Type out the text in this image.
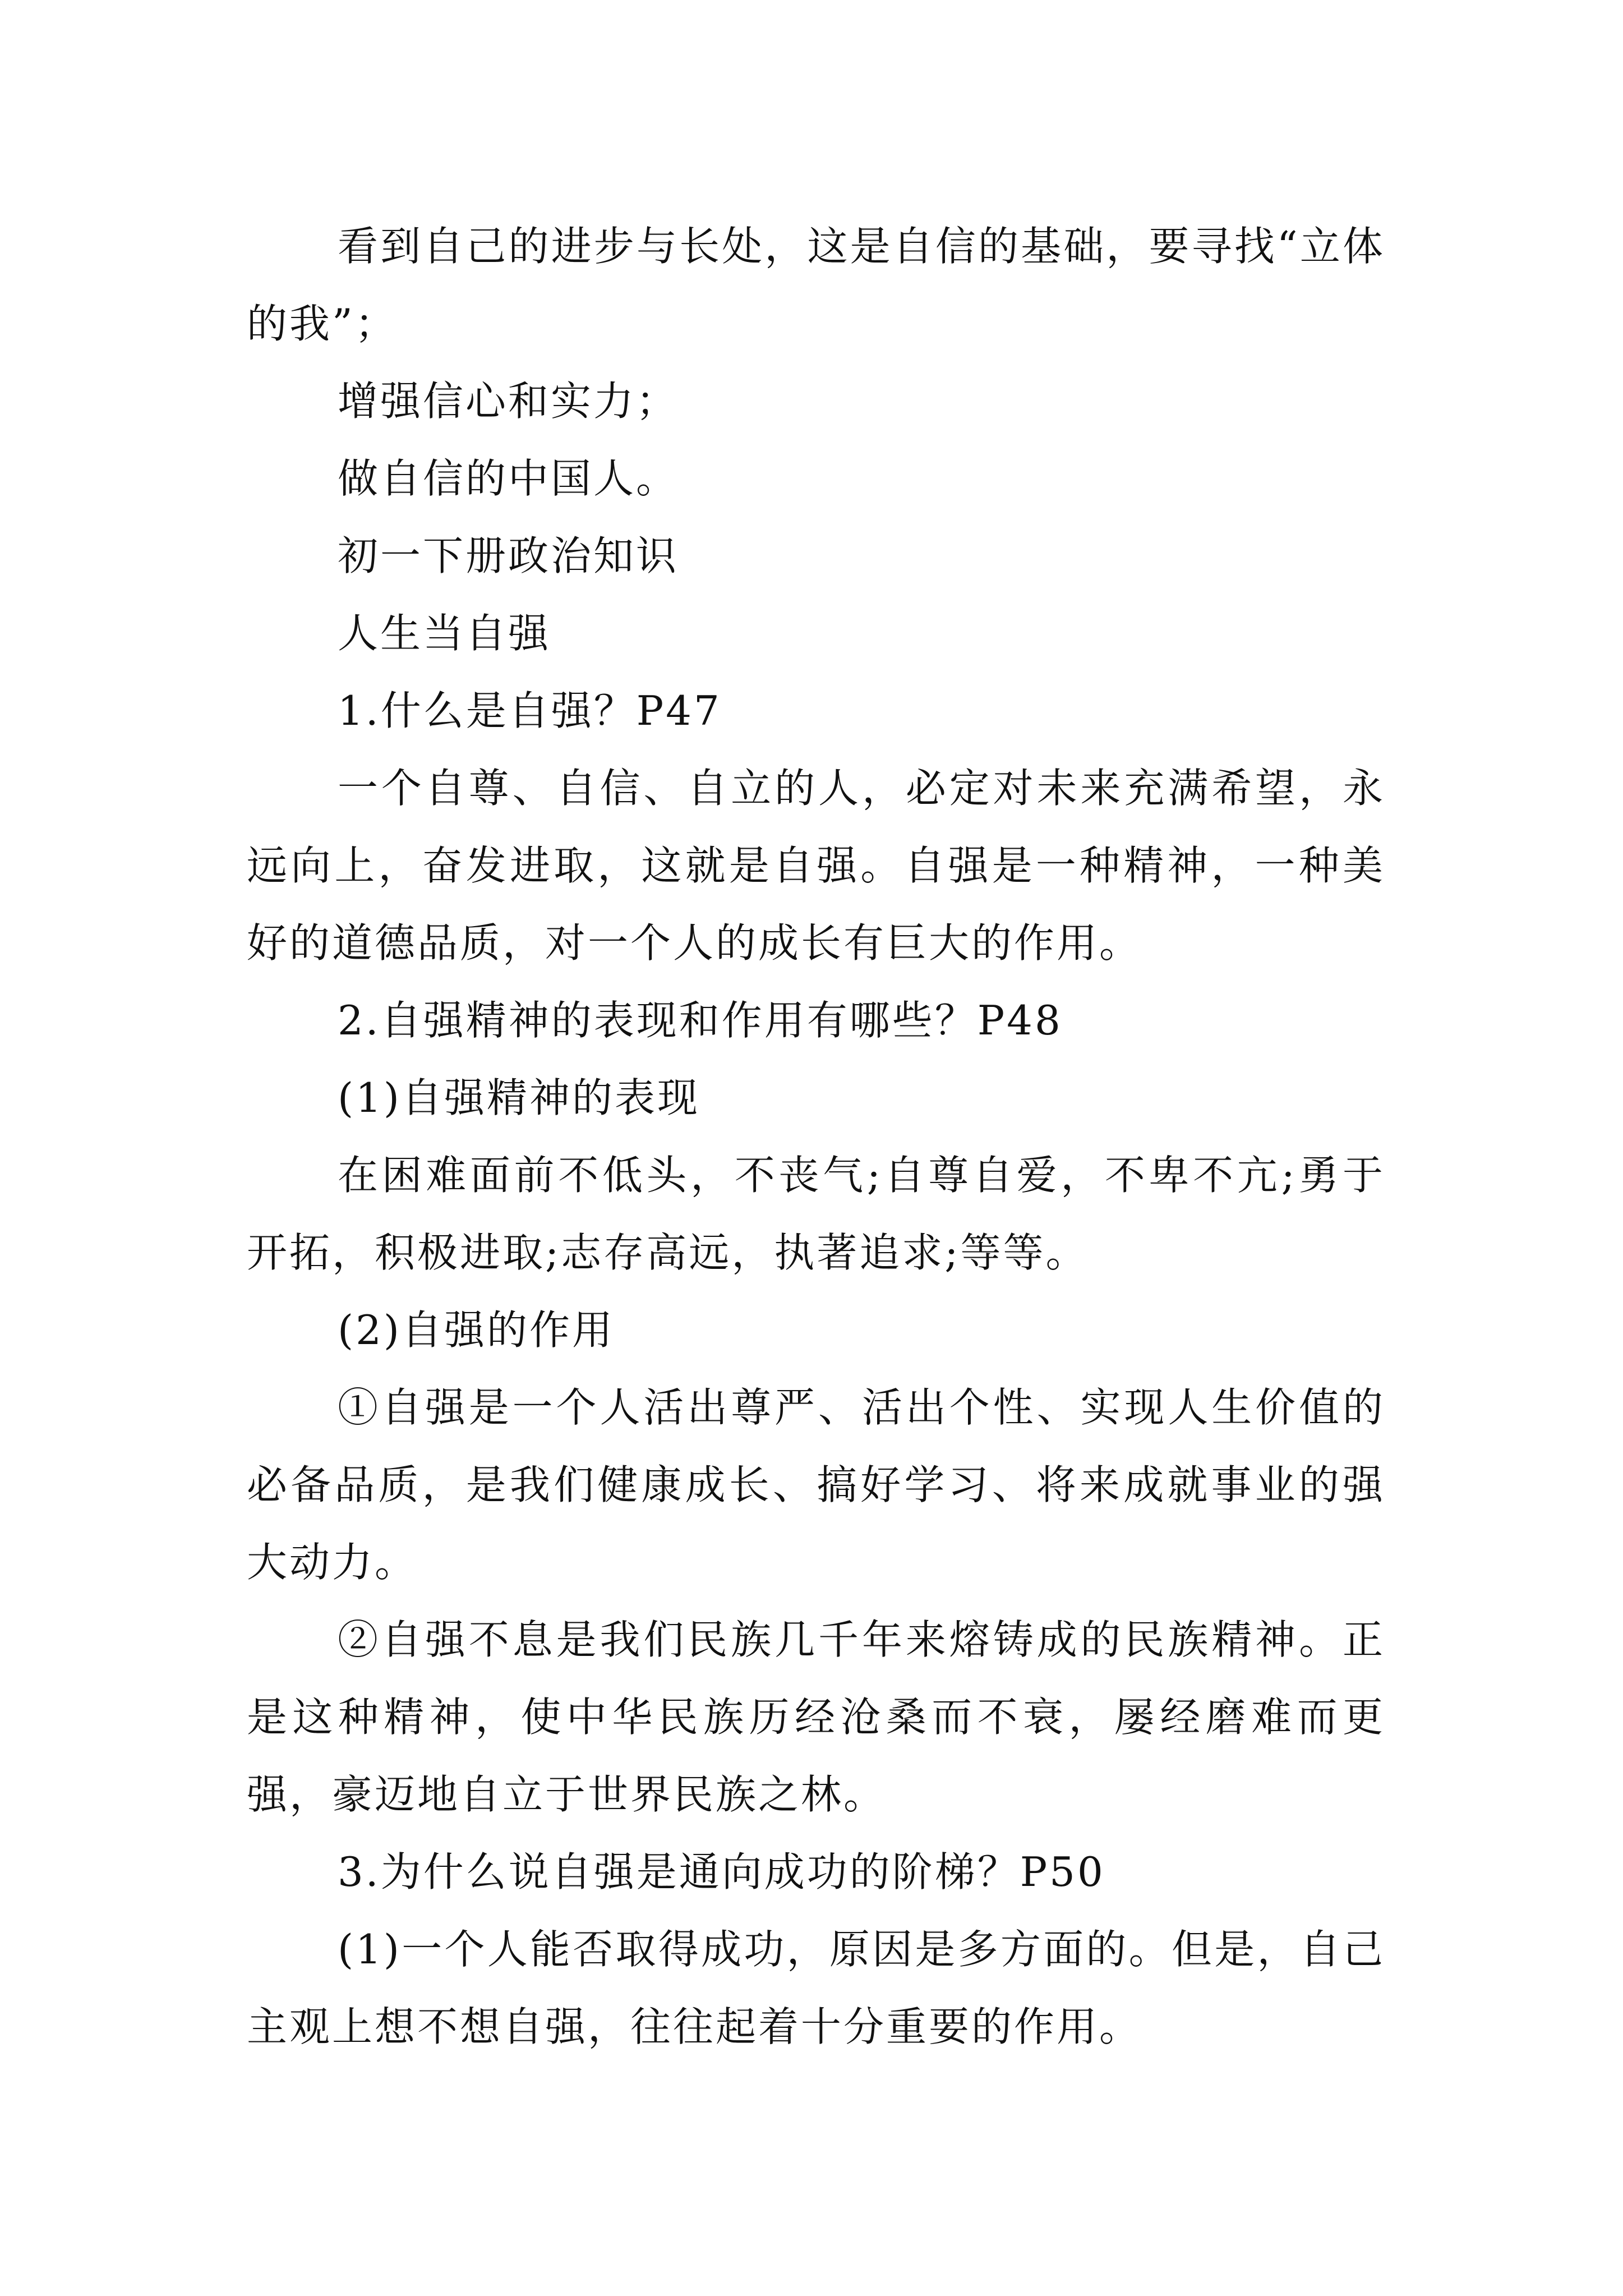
看到自己的进步与长处，这是自信的基础，要寻找“立体的我”；

增强信心和实力；

做自信的中国人。

初一下册政治知识

人生当自强

1.什么是自强？P47

一个自尊、自信、自立的人，必定对未来充满希望，永远向上，奋发进取，这就是自强。自强是一种精神，一种美好的道德品质，对一个人的成长有巨大的作用。

2.自强精神的表现和作用有哪些？P48

(1)自强精神的表现

在困难面前不低头，不丧气;自尊自爱，不卑不亢;勇于开拓，积极进取;志存高远，执著追求;等等。

(2)自强的作用

①自强是一个人活出尊严、活出个性、实现人生价值的必备品质，是我们健康成长、搞好学习、将来成就事业的强大动力。

②自强不息是我们民族几千年来熔铸成的民族精神。正是这种精神，使中华民族历经沧桑而不衰，屡经磨难而更强，豪迈地自立于世界民族之林。

3.为什么说自强是通向成功的阶梯？P50

(1)一个人能否取得成功，原因是多方面的。但是，自己主观上想不想自强，往往起着十分重要的作用。
